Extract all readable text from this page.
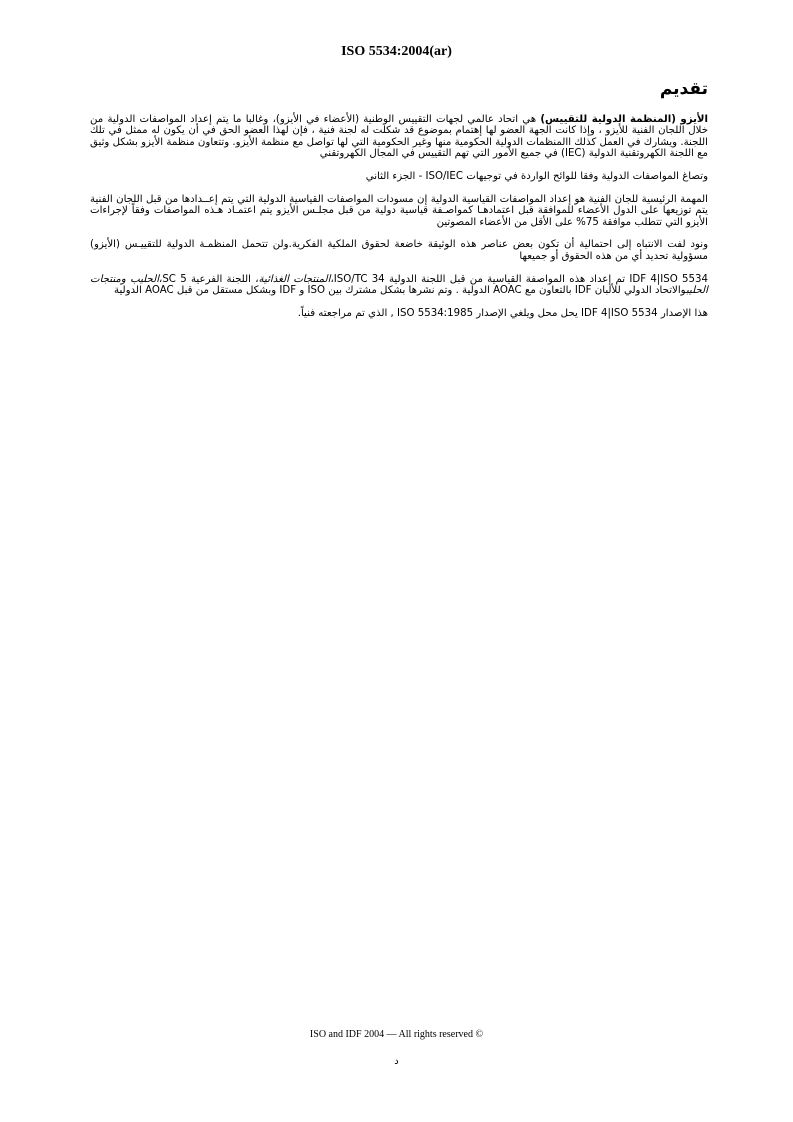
ISO 5534:2004(ar)
تقديم

الأيزو (المنظمة الدولية للتقييس) هي اتحاد عالمي لجهات التقييس الوطنية (الأعضاء في الأيزو)، وغالبا ما يتم إعداد المواصفات الدولية من خلال اللجان الفنية للأيزو ، وإذا كانت الجهة العضو لها إهتمام بموضوع قد شكلت له لجنة فنية ، فإن لهذا العضو الحق في أن يكون له ممثل في تلك اللجنة. ويشارك في العمل كذلك االمنظمات الدولية الحكومية منها وغير الحكومية التي لها تواصل مع منظمة الأيزو. وتتعاون منظمة الأيزو بشكل وثيق مع اللجنة الكهروتقنية الدولية (IEC) في جميع الأمور التي تهم التقييس في المجال الكهروتقني

وتصاغ المواصفات الدولية وفقا للوائح الواردة في توجيهات ISO/IEC - الجزء الثاني

المهمة الرئيسية للجان الفنية هو إعداد المواصفات القياسية الدولية إن مسودات المواصفات القياسية الدولية التي يتم إعــدادها من قبل اللجان الفنية يتم توزيعها على الدول الأعضاء للموافقة قبل اعتمادهـا كمواصـفة قياسية دولية من قبل مجلـس الأيزو يتم اعتمـاد هـذه المواصفات وفقاً لإجراءات الأيزو التي تتطلب موافقة 75% على الأقل من الأعضاء المصوتين

ونود لفت الانتباه إلى احتمالية أن تكون بعض عناصر هذه الوثيقة خاضعة لحقوق الملكية الفكرية.ولن تتحمل المنظمـة الدولية للتقييـس (الأيزو) مسؤولية تحديد أي من هذه الحقوق أو جميعها

IDF 4|ISO 5534 تم إعداد هذه المواصفة القياسية من قبل اللجنة الدولية ISO/TC 34،المنتجات الغذائية، اللجنة الفرعية SC 5،الحليب ومنتجات الحليبوالاتحاد الدولي للألبان IDF بالتعاون مع AOAC الدولية . وتم نشرها بشكل مشترك بين ISO و IDF وبشكل مستقل من قبل AOAC الدولية

هذا الإصدار IDF 4|ISO 5534 يحل محل ويلغي الإصدار ISO 5534:1985 , الذي تم مراجعته فنياً.

ISO and IDF 2004 — All rights reserved ©
د
